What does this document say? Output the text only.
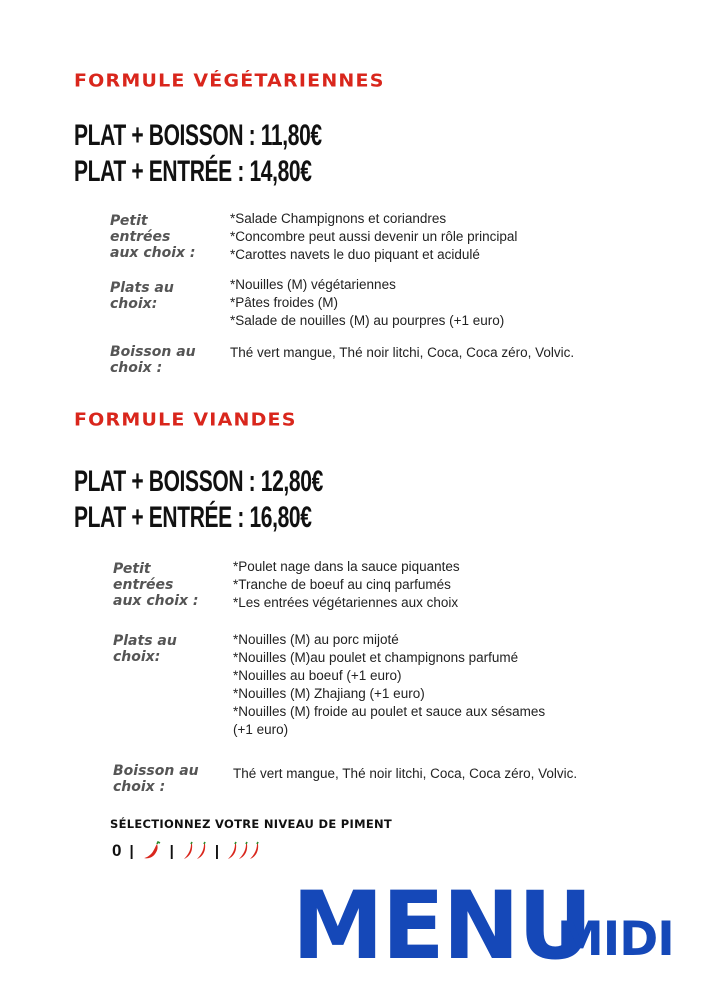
FORMULE VÉGÉTARIENNES
PLAT + BOISSON : 11,80€
PLAT + ENTRÉE : 14,80€
Petit
entrées
aux choix :
*Salade Champignons et coriandres
*Concombre peut aussi devenir un rôle principal
*Carottes navets le duo piquant et acidulé
Plats au
choix:
*Nouilles (M) végétariennes
*Pâtes froides (M)
*Salade de nouilles (M) au pourpres (+1 euro)
Boisson au
choix :
Thé vert mangue, Thé noir litchi, Coca, Coca zéro, Volvic.
FORMULE VIANDES
PLAT + BOISSON : 12,80€
PLAT + ENTRÉE : 16,80€
Petit
entrées
aux choix :
*Poulet nage dans la sauce piquantes
*Tranche de boeuf au cinq parfumés
*Les entrées végétariennes aux choix
Plats au
choix:
*Nouilles (M) au porc mijoté
*Nouilles (M)au poulet et champignons parfumé
*Nouilles au boeuf (+1 euro)
*Nouilles (M) Zhajiang (+1 euro)
*Nouilles (M) froide au poulet et sauce aux sésames
(+1 euro)
Boisson au
choix :
Thé vert mangue, Thé noir litchi, Coca, Coca zéro, Volvic.
SÉLECTIONNEZ VOTRE NIVEAU DE PIMENT
0 | |	|
MENU
MIDI
